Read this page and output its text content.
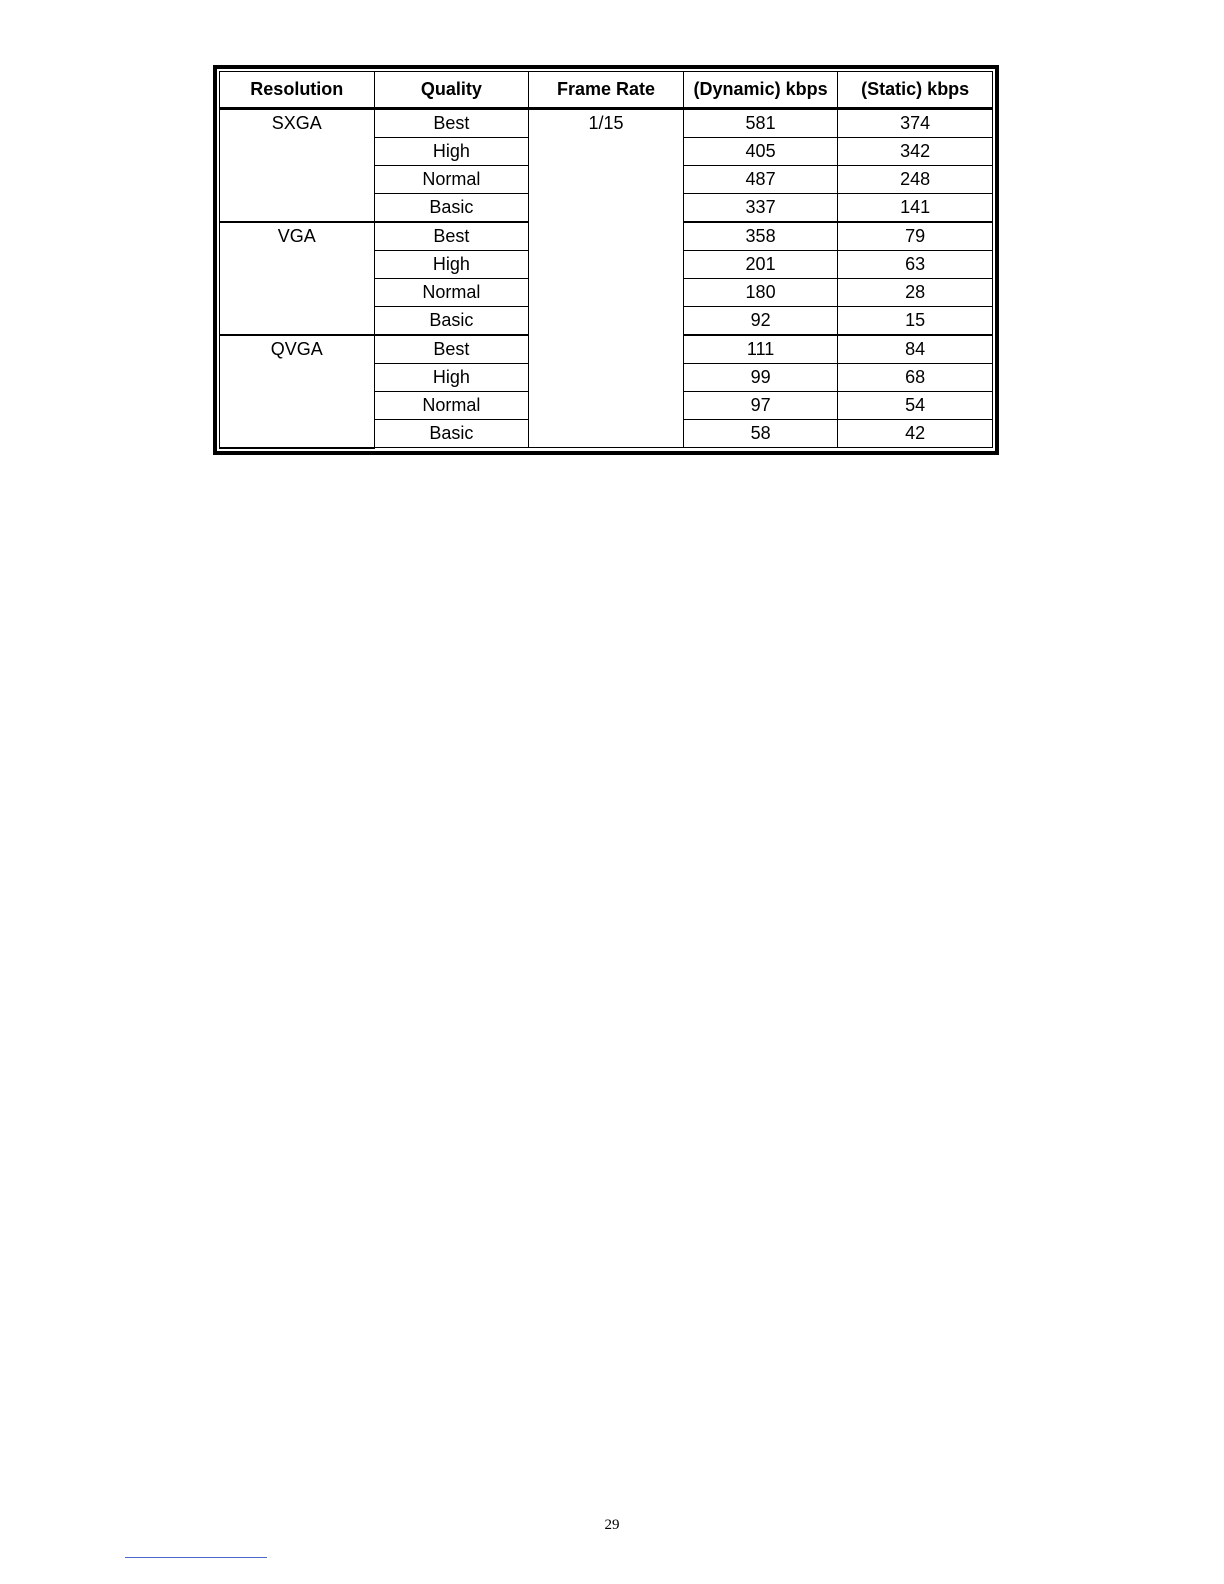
Resolution	Quality	Frame Rate	(Dynamic) kbps	(Static) kbps
SXGA	Best	1/15	581	374
	High		405	342
	Normal		487	248
	Basic		337	141
VGA	Best		358	79
	High		201	63
	Normal		180	28
	Basic		92	15
QVGA	Best		111	84
	High		99	68
	Normal		97	54
	Basic		58	42
29
